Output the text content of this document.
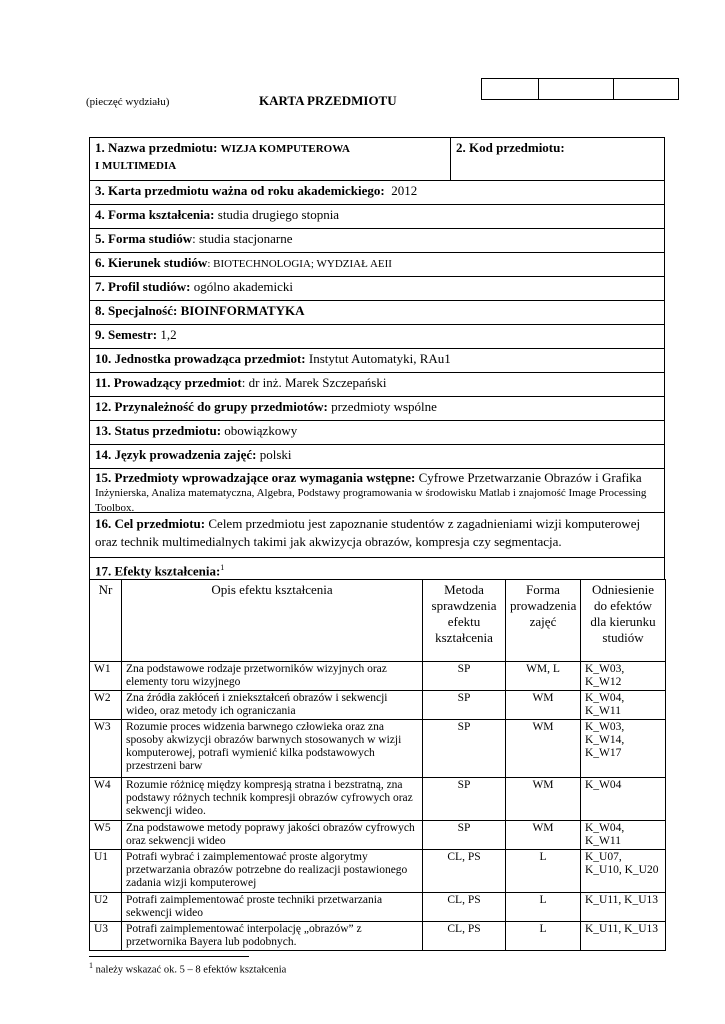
(pieczęć wydziału)	KARTA PRZEDMIOTU
1. Nazwa przedmiotu: WIZJA KOMPUTEROWA
I MULTIMEDIA
2. Kod przedmiotu:
3. Karta przedmiotu ważna od roku akademickiego: 2012
4. Forma kształcenia: studia drugiego stopnia
5. Forma studiów: studia stacjonarne
6. Kierunek studiów: BIOTECHNOLOGIA; WYDZIAŁ AEII
7. Profil studiów: ogólno akademicki
8. Specjalność: BIOINFORMATYKA
9. Semestr: 1,2
10. Jednostka prowadząca przedmiot: Instytut Automatyki, RAu1
11. Prowadzący przedmiot: dr inż. Marek Szczepański
12. Przynależność do grupy przedmiotów: przedmioty wspólne
13. Status przedmiotu: obowiązkowy
14. Język prowadzenia zajęć: polski
15. Przedmioty wprowadzające oraz wymagania wstępne: Cyfrowe Przetwarzanie Obrazów i Grafika Inżynierska, Analiza matematyczna, Algebra, Podstawy programowania w środowisku Matlab i znajomość Image Processing Toolbox.
16. Cel przedmiotu: Celem przedmiotu jest zapoznanie studentów z zagadnieniami wizji komputerowej oraz technik multimedialnych takimi jak akwizycja obrazów, kompresja czy segmentacja.
17. Efekty kształcenia:$^1$
Nr	Opis efektu kształcenia	Metoda sprawdzenia efektu kształcenia	Forma prowadzenia zajęć	Odniesienie do efektów dla kierunku studiów
W1	Zna podstawowe rodzaje przetworników wizyjnych oraz elementy toru wizyjnego	SP	WM, L	K_W03, K_W12
W2	Zna źródła zakłóceń i zniekształceń obrazów i sekwencji wideo, oraz metody ich ograniczania	SP	WM	K_W04, K_W11
W3	Rozumie proces widzenia barwnego człowieka oraz zna sposoby akwizycji obrazów barwnych stosowanych w wizji komputerowej, potrafi wymienić kilka podstawowych przestrzeni barw	SP	WM	K_W03, K_W14, K_W17
W4	Rozumie różnicę między kompresją stratna i bezstratną, zna podstawy różnych technik kompresji obrazów cyfrowych oraz sekwencji wideo.	SP	WM	K_W04
W5	Zna podstawowe metody poprawy jakości obrazów cyfrowych oraz sekwencji wideo	SP	WM	K_W04, K_W11
U1	Potrafi wybrać i zaimplementować proste algorytmy przetwarzania obrazów potrzebne do realizacji postawionego zadania wizji komputerowej	CL, PS	L	K_U07, K_U10, K_U20
U2	Potrafi zaimplementować proste techniki przetwarzania sekwencji wideo	CL, PS	L	K_U11, K_U13
U3	Potrafi zaimplementować interpolację „obrazów” z przetwornika Bayera lub podobnych.	CL, PS	L	K_U11, K_U13
$^1$ należy wskazać ok. 5 – 8 efektów kształcenia
